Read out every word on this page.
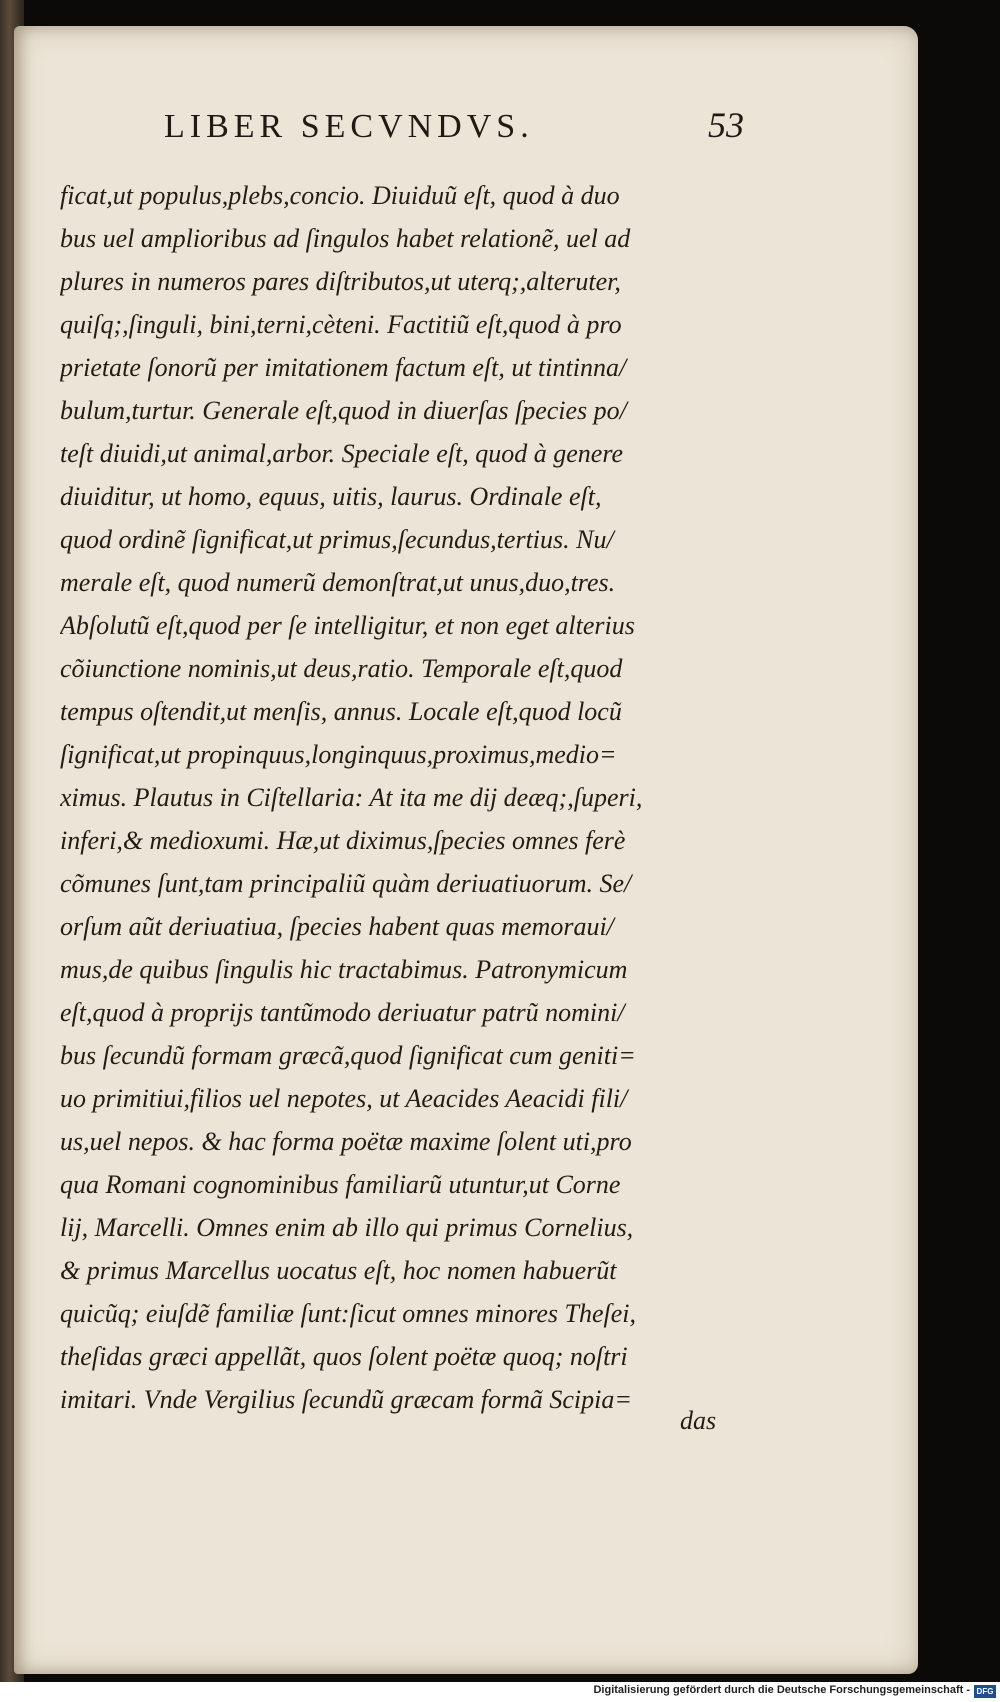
LIBER SECVNDVS.	53
ficat,ut populus,plebs,concio. Diuiduũ eſt, quod à duo
bus uel amplioribus ad ſingulos habet relationẽ, uel ad
plures in numeros pares diſtributos,ut uterq;,alteruter,
quiſq;,ſinguli, bini,terni,cèteni. Factitiũ eſt,quod à pro
prietate ſonorũ per imitationem factum eſt, ut tintinna/
bulum,turtur. Generale eſt,quod in diuerſas ſpecies po/
teſt diuidi,ut animal,arbor. Speciale eſt, quod à genere
diuiditur, ut homo, equus, uitis, laurus. Ordinale eſt,
quod ordinẽ ſignificat,ut primus,ſecundus,tertius. Nu/
merale eſt, quod numerũ demonſtrat,ut unus,duo,tres.
Abſolutũ eſt,quod per ſe intelligitur, et non eget alterius
cõiunctione nominis,ut deus,ratio. Temporale eſt,quod
tempus oſtendit,ut menſis, annus. Locale eſt,quod locũ
ſignificat,ut propinquus,longinquus,proximus,medio=
ximus. Plautus in Ciſtellaria: At ita me dij deæq;,ſuperi,
inferi,& medioxumi. Hæ,ut diximus,ſpecies omnes ferè
cõmunes ſunt,tam principaliũ quàm deriuatiuorum. Se/
orſum aũt deriuatiua, ſpecies habent quas memoraui/
mus,de quibus ſingulis hic tractabimus. Patronymicum
eſt,quod à proprijs tantũmodo deriuatur patrũ nomini/
bus ſecundũ formam græcã,quod ſignificat cum geniti=
uo primitiui,filios uel nepotes, ut Aeacides Aeacidi fili/
us,uel nepos. & hac forma poëtæ maxime ſolent uti,pro
qua Romani cognominibus familiarũ utuntur,ut Corne
lij, Marcelli. Omnes enim ab illo qui primus Cornelius,
& primus Marcellus uocatus eſt, hoc nomen habuerũt
quicũq; eiuſdẽ familiæ ſunt:ſicut omnes minores Theſei,
theſidas græci appellãt, quos ſolent poëtæ quoq; noſtri
imitari. Vnde Vergilius ſecundũ græcam formã Scipia=
das
Digitalisierung gefördert durch die Deutsche Forschungsgemeinschaft - DFG
